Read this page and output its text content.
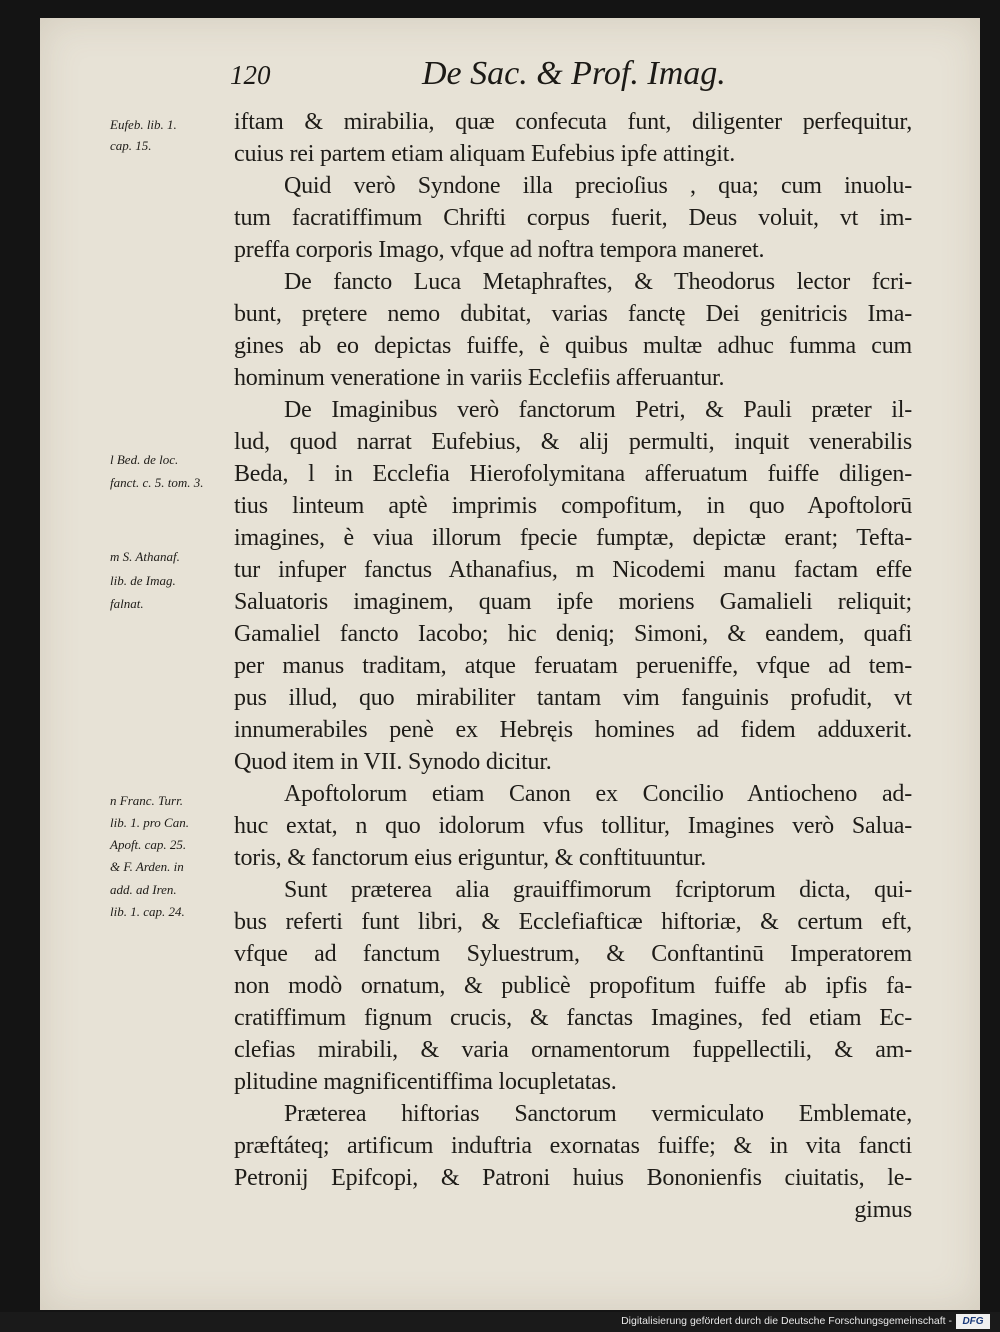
120	De Sac. & Prof. Imag.
Eufeb. lib. 1.
cap. 15.
l Bed. de loc.
fanct. c. 5. tom. 3.
m S. Athanaf.
lib. de Imag.
falnat.
n Franc. Turr.
lib. 1. pro Can.
Apoft. cap. 25.
& F. Arden. in
add. ad Iren.
lib. 1. cap. 24.
iftam & mirabilia, quæ confecuta funt, diligenter perfequitur,
cuius rei partem etiam aliquam Eufebius ipfe attingit.
Quid verò Syndone illa precioſius , qua; cum inuolu-
tum facratiffimum Chrifti corpus fuerit, Deus voluit, vt im-
preffa corporis Imago, vfque ad noftra tempora maneret.
De fancto Luca Metaphraftes, & Theodorus lector fcri-
bunt, prętere nemo dubitat, varias fanctę Dei genitricis Ima-
gines ab eo depictas fuiffe, è quibus multæ adhuc fumma cum
hominum veneratione in variis Ecclefiis afferuantur.
De Imaginibus verò fanctorum Petri, & Pauli præter il-
lud, quod narrat Eufebius, & alij permulti, inquit venerabilis
Beda, l in Ecclefia Hierofolymitana afferuatum fuiffe diligen-
tius linteum aptè imprimis compofitum, in quo Apoftolorū
imagines, è viua illorum fpecie fumptæ, depictæ erant; Tefta-
tur infuper fanctus Athanafius, m Nicodemi manu factam effe
Saluatoris imaginem, quam ipfe moriens Gamalieli reliquit;
Gamaliel fancto Iacobo; hic deniq; Simoni, & eandem, quafi
per manus traditam, atque feruatam perueniffe, vfque ad tem-
pus illud, quo mirabiliter tantam vim fanguinis profudit, vt
innumerabiles penè ex Hebręis homines ad fidem adduxerit.
Quod item in VII. Synodo dicitur.
Apoftolorum etiam Canon ex Concilio Antiocheno ad-
huc extat, n quo idolorum vfus tollitur, Imagines verò Salua-
toris, & fanctorum eius eriguntur, & conftituuntur.
Sunt præterea alia grauiffimorum fcriptorum dicta, qui-
bus referti funt libri, & Ecclefiafticæ hiftoriæ, & certum eft,
vfque ad fanctum Syluestrum, & Conftantinū Imperatorem
non modò ornatum, & publicè propofitum fuiffe ab ipfis fa-
cratiffimum fignum crucis, & fanctas Imagines, fed etiam Ec-
clefias mirabili, & varia ornamentorum fuppellectili, & am-
plitudine magnificentiffima locupletatas.
Prætereа hiftorias Sanctorum vermiculato Emblemate,
præftáteq; artificum induftria exornatas fuiffe; & in vita fancti
Petronij Epifcopi, & Patroni huius Bononienfis ciuitatis, le-
gimus
Digitalisierung gefördert durch die Deutsche Forschungsgemeinschaft -	DFG
